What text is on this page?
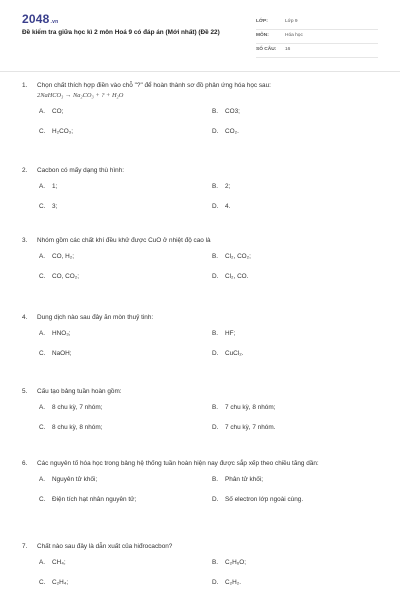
2048.vn
Đề kiểm tra giữa học kì 2 môn Hoá 9 có đáp án (Mới nhất) (Đề 22)
LỚP:	Lớp 9
MÔN:	Hóa học
SỐ CÂU: 16
1. Chọn chất thích hợp điền vào chỗ "?" để hoàn thành sơ đồ phản ứng hóa học sau:
2NaHCO₃ → Na₂CO₃ + ? + H₂O
A. CO;	B. CO3;
C. H₂CO₃;	D. CO₂.
2. Cacbon có mấy dạng thù hình:
A. 1;	B. 2;
C. 3;	D. 4.
3. Nhóm gồm các chất khí đều khử được CuO ở nhiệt độ cao là
A. CO, H₂;	B. Cl₂, CO₂;
C. CO, CO₂;	D. Cl₂, CO.
4. Dung dịch nào sau đây ăn mòn thuỷ tinh:
A. HNO₃;	B. HF;
C. NaOH;	D. CuCl₂.
5. Cấu tạo bảng tuần hoàn gồm:
A. 8 chu kỳ, 7 nhóm;	B. 7 chu kỳ, 8 nhóm;
C. 8 chu kỳ, 8 nhóm;	D. 7 chu kỳ, 7 nhóm.
6. Các nguyên tố hóa học trong bảng hệ thống tuần hoàn hiện nay được sắp xếp theo chiều tăng dần:
A. Nguyên tử khối;	B. Phân tử khối;
C. Điện tích hạt nhân nguyên tử;	D. Số electron lớp ngoài cùng.
7. Chất nào sau đây là dẫn xuất của hiđrocacbon?
A. CH₄;	B. C₂H₆O;
C. C₂H₄;	D. C₂H₂.
